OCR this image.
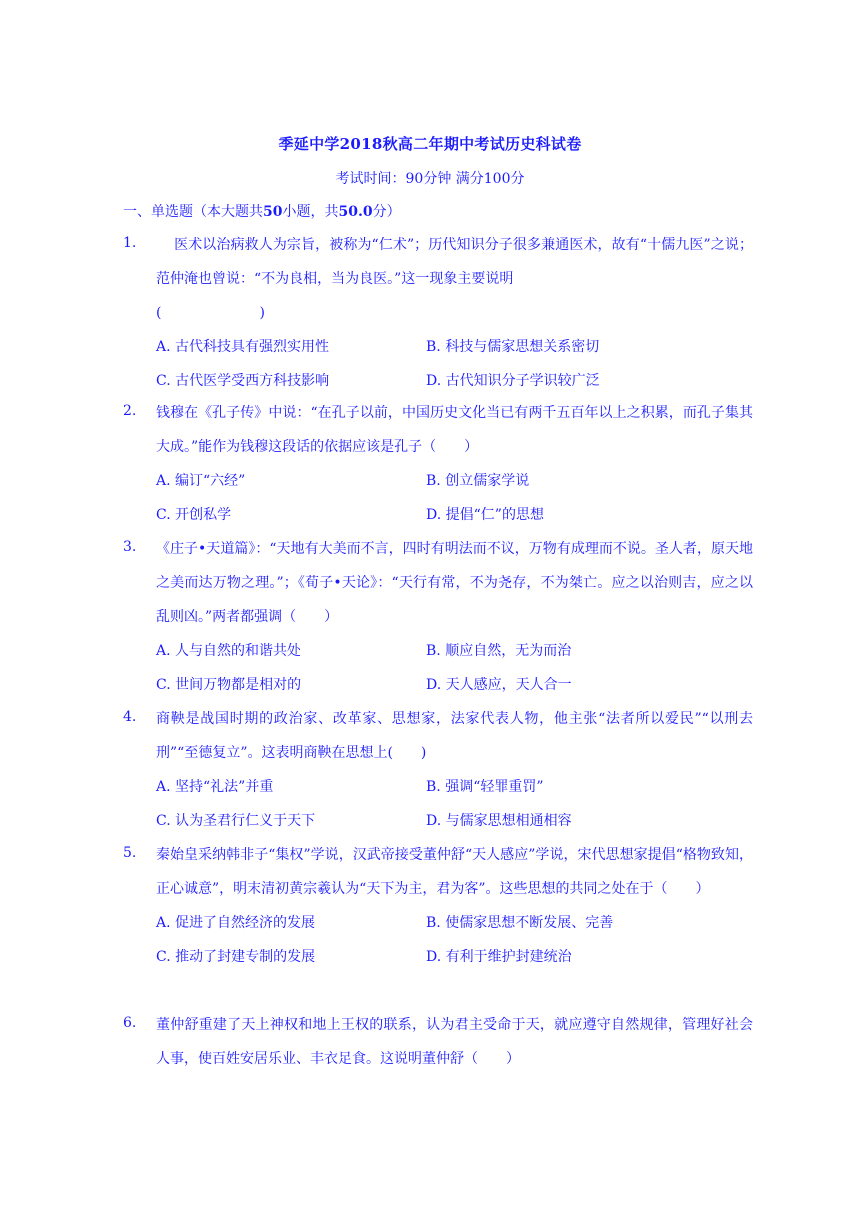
季延中学2018秋高二年期中考试历史科试卷
考试时间：90分钟 满分100分
一、单选题（本大题共50小题，共50.0分）
1.	医术以治病救人为宗旨，被称为“仁术”；历代知识分子很多兼通医术，故有“十儒九医”之说；范仲淹也曾说：“不为良相，当为良医。”这一现象主要说明
(　　　　　　　)
A. 古代科技具有强烈实用性	B. 科技与儒家思想关系密切
C. 古代医学受西方科技影响	D. 古代知识分子学识较广泛
2.	钱穆在《孔子传》中说：“在孔子以前，中国历史文化当已有两千五百年以上之积累，而孔子集其大成。”能作为钱穆这段话的依据应该是孔子（　　）
A. 编订“六经”	B. 创立儒家学说
C. 开创私学	D. 提倡“仁”的思想
3.	《庄子•天道篇》：“天地有大美而不言，四时有明法而不议，万物有成理而不说。圣人者，原天地之美而达万物之理。”；《荀子•天论》：“天行有常，不为尧存，不为桀亡。应之以治则吉，应之以乱则凶。”两者都强调（　　）
A. 人与自然的和谐共处	B. 顺应自然，无为而治
C. 世间万物都是相对的	D. 天人感应，天人合一
4.	商鞅是战国时期的政治家、改革家、思想家，法家代表人物，他主张“法者所以爱民”“以刑去刑”“至德复立”。这表明商鞅在思想上(　　)
A. 坚持“礼法”并重	B. 强调“轻罪重罚”
C. 认为圣君行仁义于天下	D. 与儒家思想相通相容
5.	秦始皇采纳韩非子“集权”学说，汉武帝接受董仲舒“天人感应”学说，宋代思想家提倡“格物致知，正心诚意”，明末清初黄宗羲认为“天下为主，君为客”。这些思想的共同之处在于（　　）
A. 促进了自然经济的发展	B. 使儒家思想不断发展、完善
C. 推动了封建专制的发展	D. 有利于维护封建统治
6.	董仲舒重建了天上神权和地上王权的联系，认为君主受命于天，就应遵守自然规律，管理好社会人事，使百姓安居乐业、丰衣足食。这说明董仲舒（　　）
